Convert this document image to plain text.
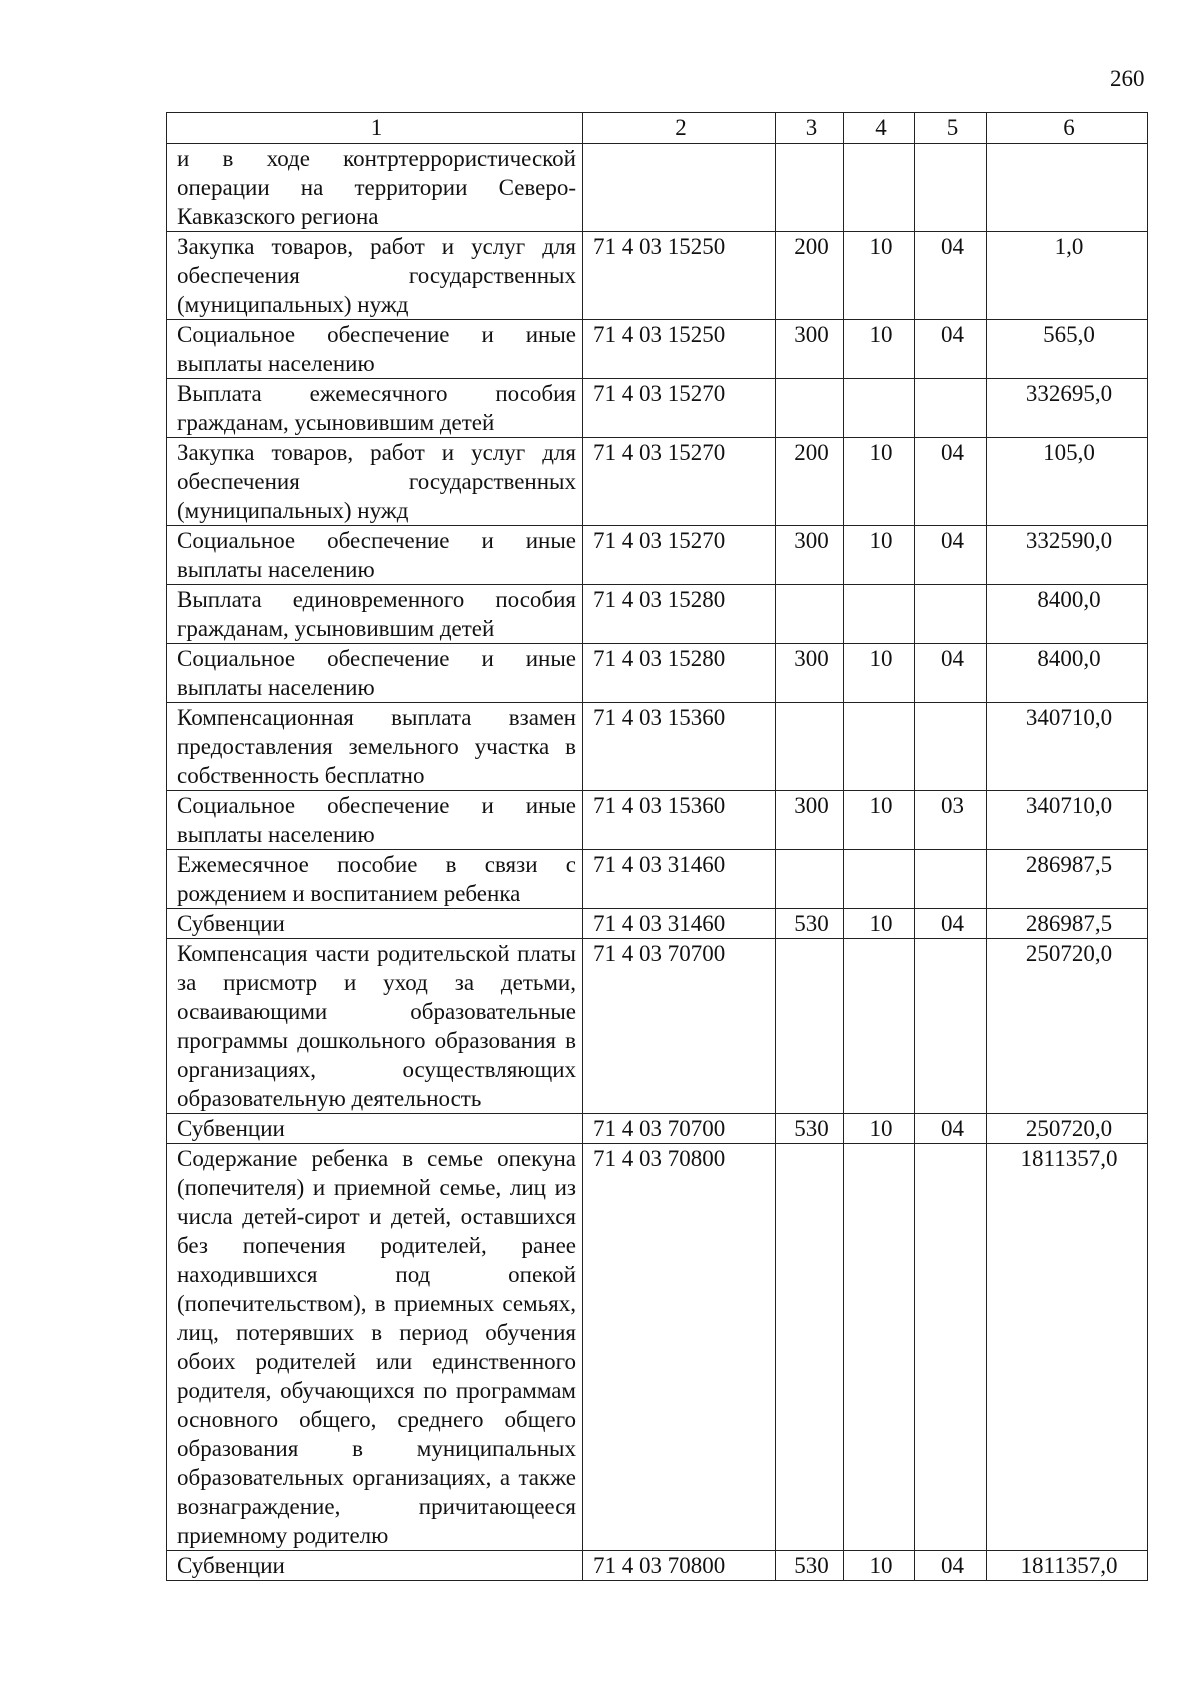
260
1	2	3	4	5	6
и в ходе контртеррористической операции на территории Северо-Кавказского региона					
Закупка товаров, работ и услуг для обеспечения государственных (муниципальных) нужд	71 4 03 15250	200	10	04	1,0
Социальное обеспечение и иные выплаты населению	71 4 03 15250	300	10	04	565,0
Выплата ежемесячного пособия гражданам, усыновившим детей	71 4 03 15270				332695,0
Закупка товаров, работ и услуг для обеспечения государственных (муниципальных) нужд	71 4 03 15270	200	10	04	105,0
Социальное обеспечение и иные выплаты населению	71 4 03 15270	300	10	04	332590,0
Выплата единовременного пособия гражданам, усыновившим детей	71 4 03 15280				8400,0
Социальное обеспечение и иные выплаты населению	71 4 03 15280	300	10	04	8400,0
Компенсационная выплата взамен предоставления земельного участка в собственность бесплатно	71 4 03 15360				340710,0
Социальное обеспечение и иные выплаты населению	71 4 03 15360	300	10	03	340710,0
Ежемесячное пособие в связи с рождением и воспитанием ребенка	71 4 03 31460				286987,5
Субвенции	71 4 03 31460	530	10	04	286987,5
Компенсация части родительской платы за присмотр и уход за детьми, осваивающими образовательные программы дошкольного образования в организациях, осуществляющих образовательную деятельность	71 4 03 70700				250720,0
Субвенции	71 4 03 70700	530	10	04	250720,0
Содержание ребенка в семье опекуна (попечителя) и приемной семье, лиц из числа детей-сирот и детей, оставшихся без попечения родителей, ранее находившихся под опекой (попечительством), в приемных семьях, лиц, потерявших в период обучения обоих родителей или единственного родителя, обучающихся по программам основного общего, среднего общего образования в муниципальных образовательных организациях, а также вознаграждение, причитающееся приемному родителю	71 4 03 70800				1811357,0
Субвенции	71 4 03 70800	530	10	04	1811357,0
